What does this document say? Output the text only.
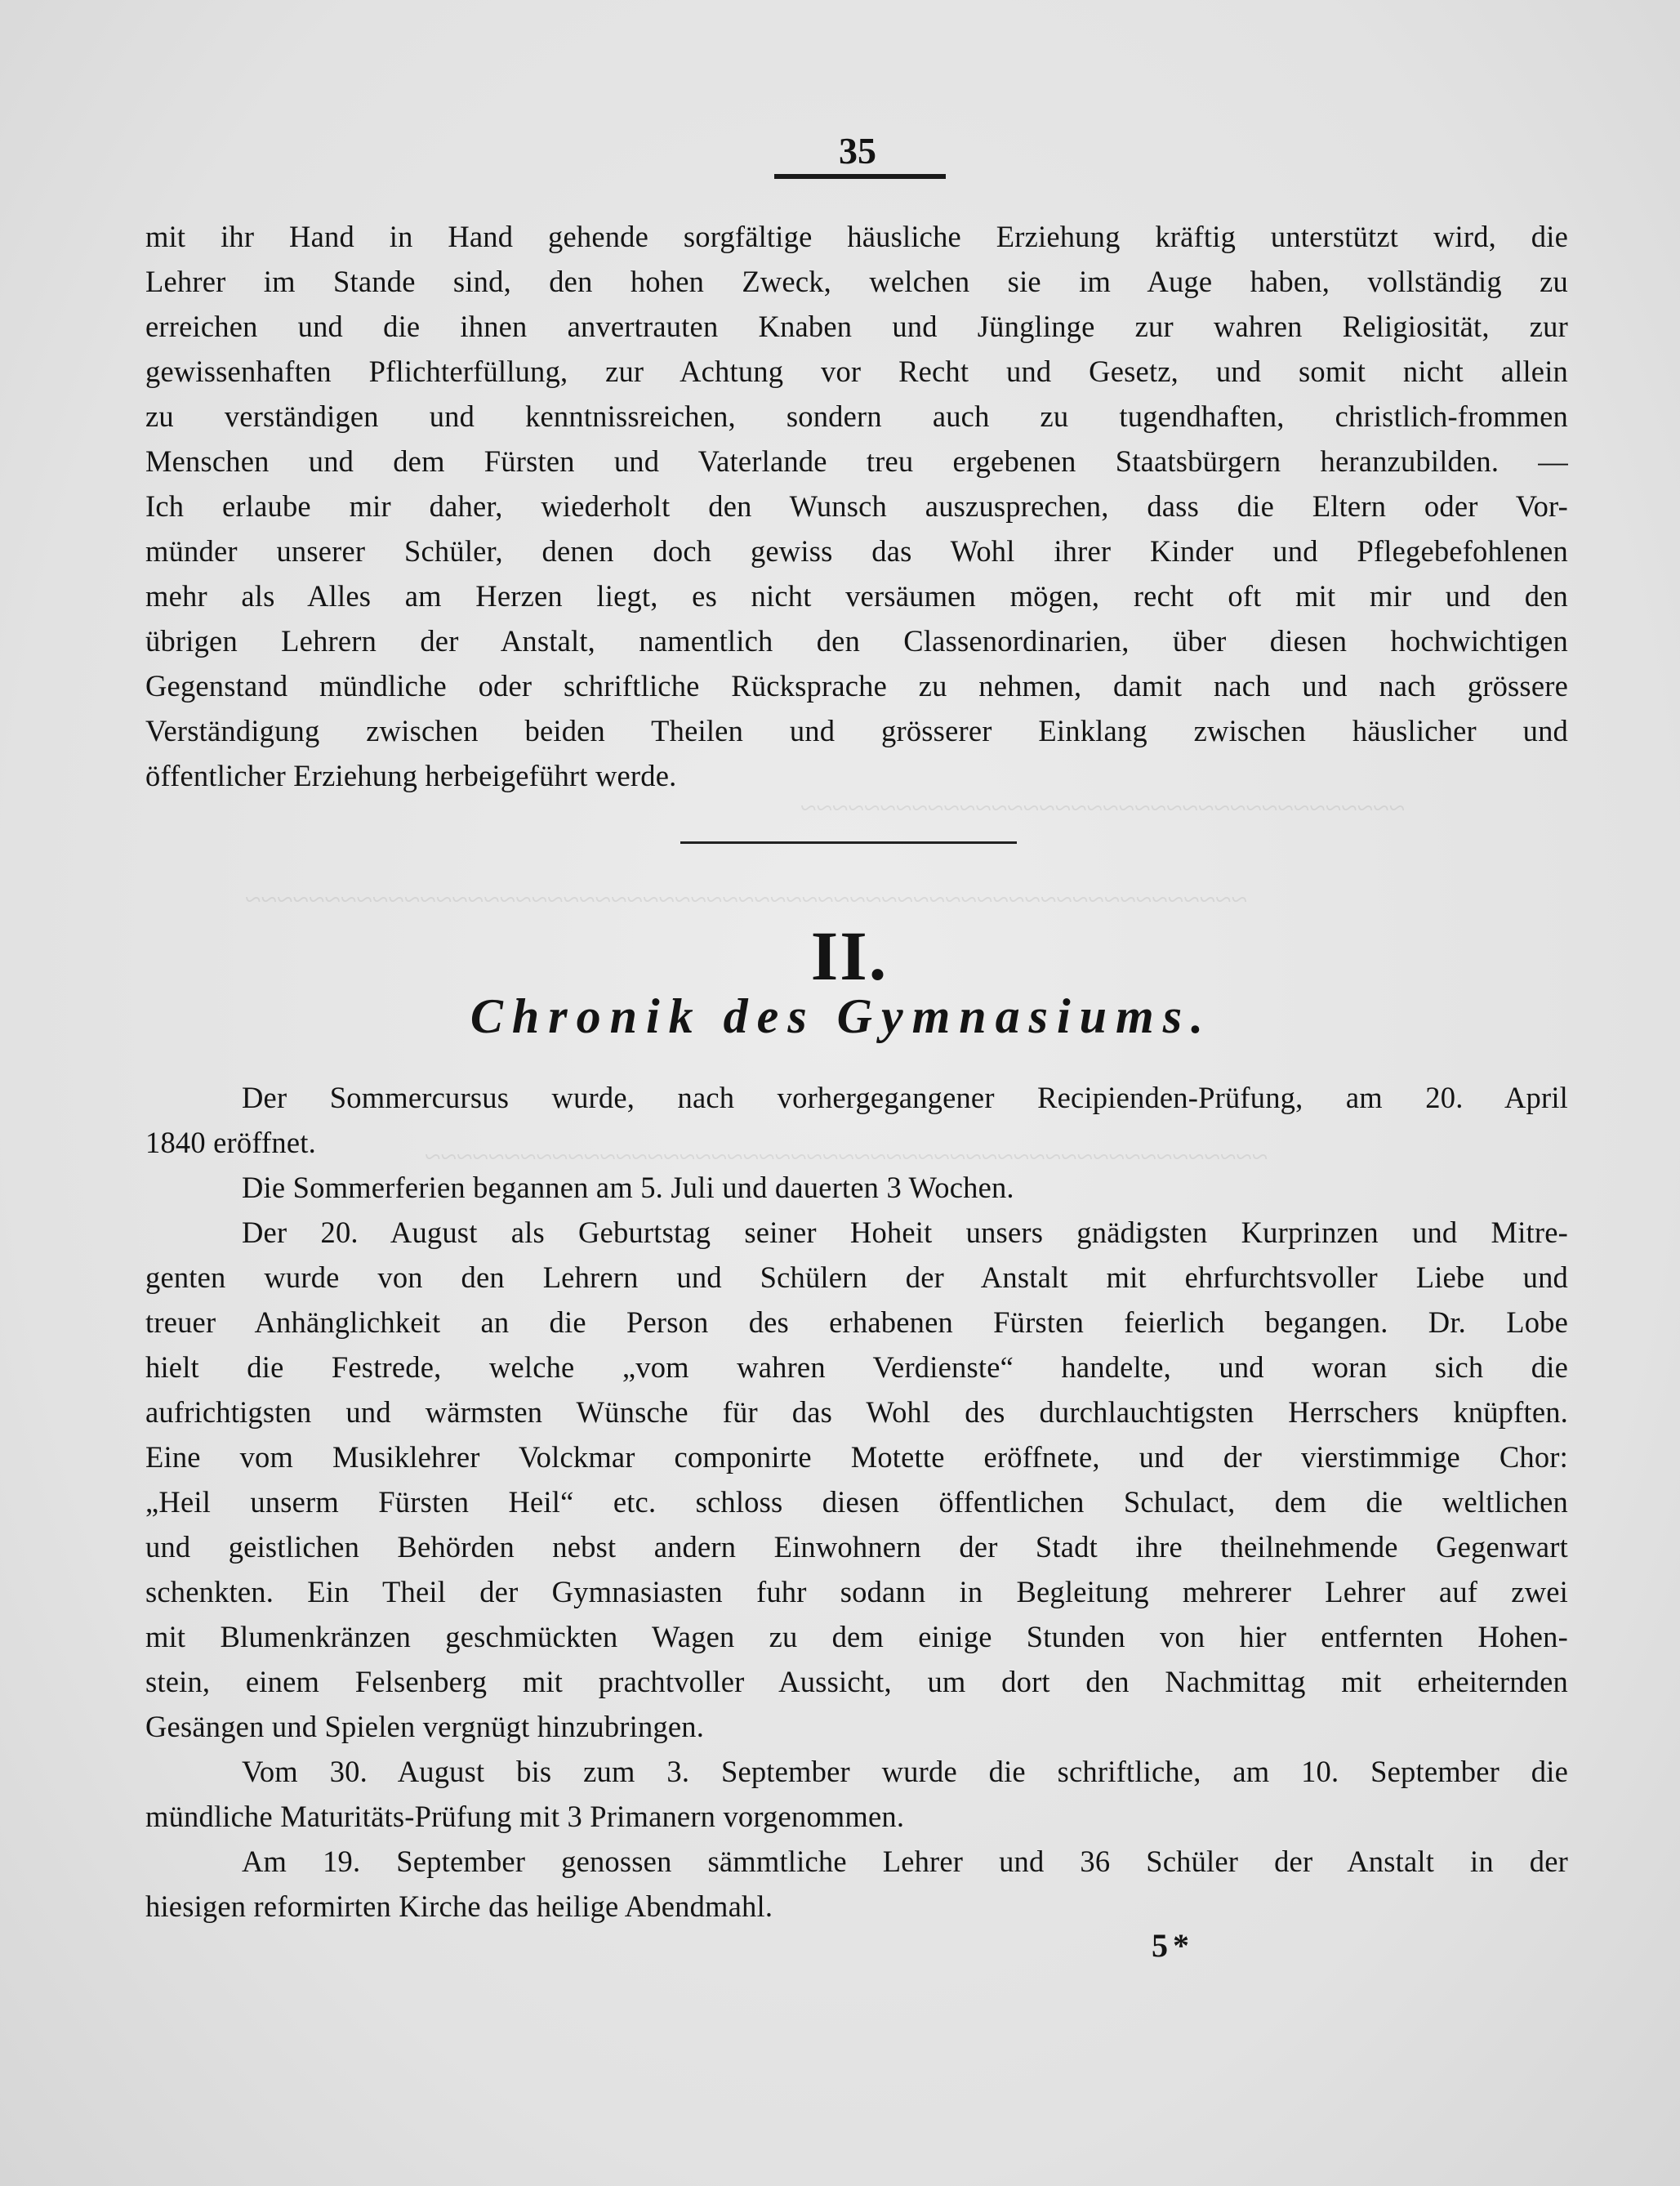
~~~~~~~~~~~~~~~~~~~~~~~~~~~~~~~~~~~~~~
~~~~~~~~~~~~~~~~~~~~~~~~~~~~~~~~~~~~~~~~~~~~~~~~~~~~~~~~~~~~~~~
~~~~~~~~~~~~~~~~~~~~~~~~~~~~~~~~~~~~~~~~~~~~~~~~~~~~~
35
mit ihr Hand in Hand gehende sorgfältige häusliche Erziehung kräftig unterstützt wird, die
Lehrer im Stande sind, den hohen Zweck, welchen sie im Auge haben, vollständig zu
erreichen und die ihnen anvertrauten Knaben und Jünglinge zur wahren Religiosität, zur
gewissenhaften Pflichterfüllung, zur Achtung vor Recht und Gesetz, und somit nicht allein
zu verständigen und kenntnissreichen, sondern auch zu tugendhaften, christlich-frommen
Menschen und dem Fürsten und Vaterlande treu ergebenen Staatsbürgern heranzubilden. —
Ich erlaube mir daher, wiederholt den Wunsch auszusprechen, dass die Eltern oder Vor-
münder unserer Schüler, denen doch gewiss das Wohl ihrer Kinder und Pflegebefohlenen
mehr als Alles am Herzen liegt, es nicht versäumen mögen, recht oft mit mir und den
übrigen Lehrern der Anstalt, namentlich den Classenordinarien, über diesen hochwichtigen
Gegenstand mündliche oder schriftliche Rücksprache zu nehmen, damit nach und nach grössere
Verständigung zwischen beiden Theilen und grösserer Einklang zwischen häuslicher und
öffentlicher Erziehung herbeigeführt werde.
II.
Chronik des Gymnasiums.
Der Sommercursus wurde, nach vorhergegangener Recipienden-Prüfung, am 20. April
1840 eröffnet.
Die Sommerferien begannen am 5. Juli und dauerten 3 Wochen.
Der 20. August als Geburtstag seiner Hoheit unsers gnädigsten Kurprinzen und Mitre-
genten wurde von den Lehrern und Schülern der Anstalt mit ehrfurchtsvoller Liebe und
treuer Anhänglichkeit an die Person des erhabenen Fürsten feierlich begangen. Dr. Lobe
hielt die Festrede, welche „vom wahren Verdienste“ handelte, und woran sich die
aufrichtigsten und wärmsten Wünsche für das Wohl des durchlauchtigsten Herrschers knüpften.
Eine vom Musiklehrer Volckmar componirte Motette eröffnete, und der vierstimmige Chor:
„Heil unserm Fürsten Heil“ etc. schloss diesen öffentlichen Schulact, dem die weltlichen
und geistlichen Behörden nebst andern Einwohnern der Stadt ihre theilnehmende Gegenwart
schenkten. Ein Theil der Gymnasiasten fuhr sodann in Begleitung mehrerer Lehrer auf zwei
mit Blumenkränzen geschmückten Wagen zu dem einige Stunden von hier entfernten Hohen-
stein, einem Felsenberg mit prachtvoller Aussicht, um dort den Nachmittag mit erheiternden
Gesängen und Spielen vergnügt hinzubringen.
Vom 30. August bis zum 3. September wurde die schriftliche, am 10. September die
mündliche Maturitäts-Prüfung mit 3 Primanern vorgenommen.
Am 19. September genossen sämmtliche Lehrer und 36 Schüler der Anstalt in der
hiesigen reformirten Kirche das heilige Abendmahl.
5*
